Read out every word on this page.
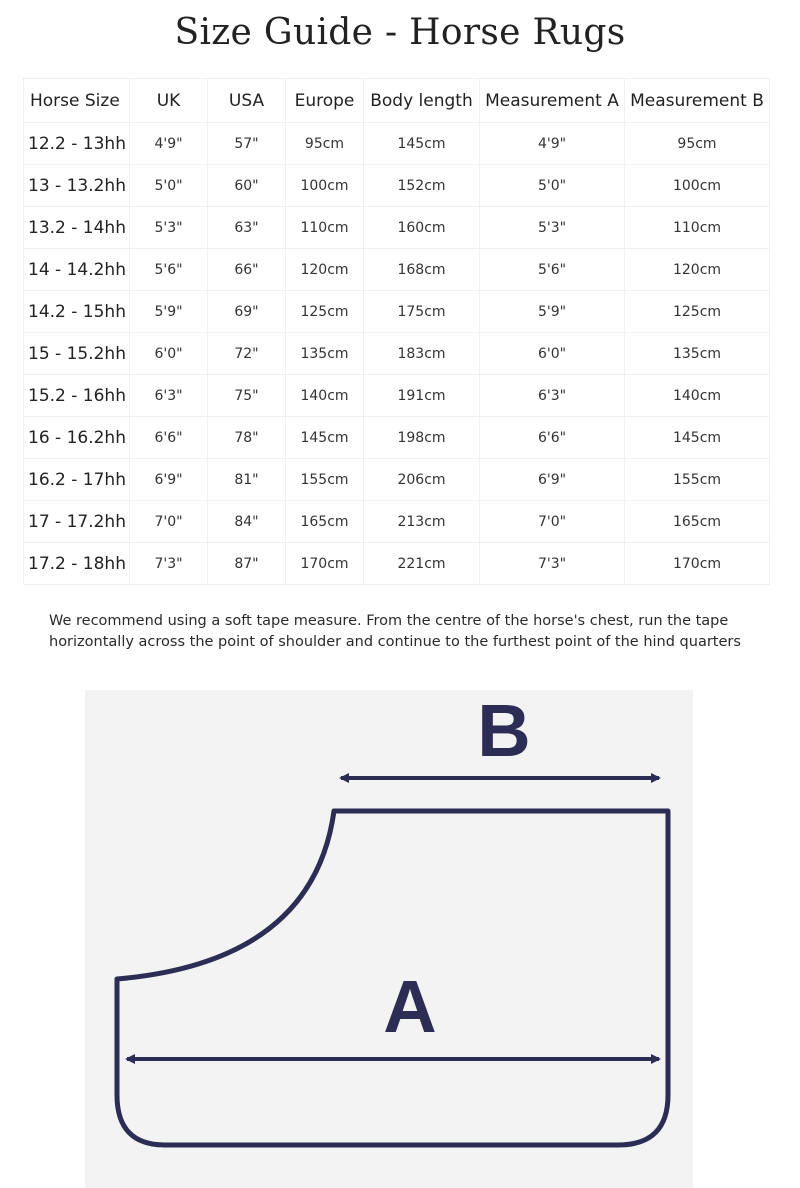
Size Guide - Horse Rugs
Horse Size	UK	USA	Europe	Body length	Measurement A	Measurement B
12.2 - 13hh	4'9"	57"	95cm	145cm	4'9"	95cm
13 - 13.2hh	5'0"	60"	100cm	152cm	5'0"	100cm
13.2 - 14hh	5'3"	63"	110cm	160cm	5'3"	110cm
14 - 14.2hh	5'6"	66"	120cm	168cm	5'6"	120cm
14.2 - 15hh	5'9"	69"	125cm	175cm	5'9"	125cm
15 - 15.2hh	6'0"	72"	135cm	183cm	6'0"	135cm
15.2 - 16hh	6'3"	75"	140cm	191cm	6'3"	140cm
16 - 16.2hh	6'6"	78"	145cm	198cm	6'6"	145cm
16.2 - 17hh	6'9"	81"	155cm	206cm	6'9"	155cm
17 - 17.2hh	7'0"	84"	165cm	213cm	7'0"	165cm
17.2 - 18hh	7'3"	87"	170cm	221cm	7'3"	170cm
We recommend using a soft tape measure. From the centre of the horse's chest, run the tape horizontally across the point of shoulder and continue to the furthest point of the hind quarters
B
A
